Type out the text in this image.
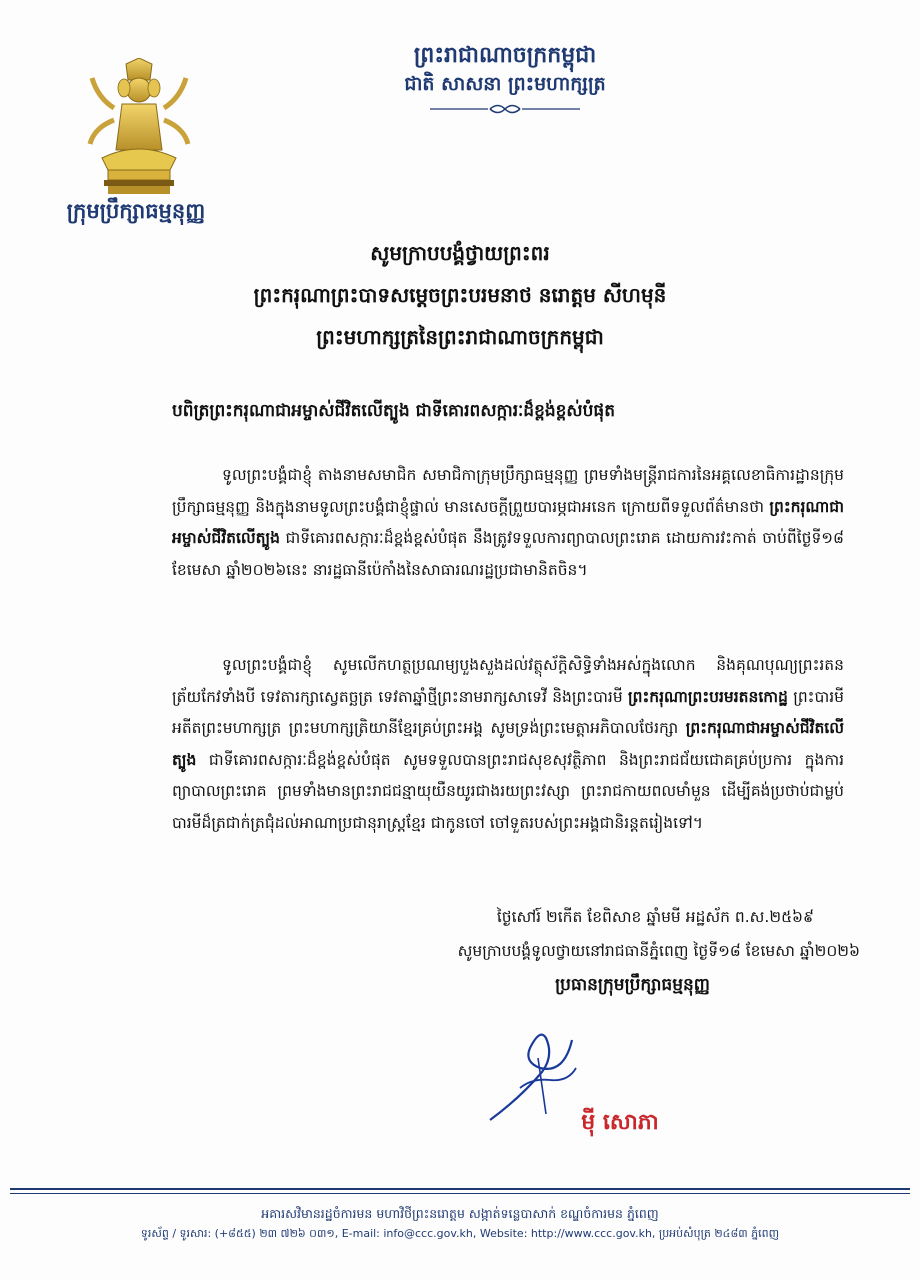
ក្រុមប្រឹក្សាធម្មនុញ្ញ
ព្រះរាជាណាចក្រកម្ពុជា
ជាតិ សាសនា ព្រះមហាក្សត្រ
សូមក្រាបបង្គំថ្វាយព្រះពរ
ព្រះករុណាព្រះបាទសម្តេចព្រះបរមនាថ នរោត្តម សីហមុនី
ព្រះមហាក្សត្រនៃព្រះរាជាណាចក្រកម្ពុជា
បពិត្រព្រះករុណាជាអម្ចាស់ជីវិតលើត្បូង ជាទីគោរពសក្ការៈដ៏ខ្ពង់ខ្ពស់បំផុត
ទូលព្រះបង្គំជាខ្ញុំ តាងនាមសមាជិក សមាជិកាក្រុមប្រឹក្សាធម្មនុញ្ញ ព្រមទាំងមន្ត្រីរាជការនៃអគ្គលេខាធិការដ្ឋានក្រុមប្រឹក្សាធម្មនុញ្ញ និងក្នុងនាមទូលព្រះបង្គំជាខ្ញុំផ្ទាល់ មានសេចក្តីព្រួយបារម្ភជាអនេក ក្រោយពីទទួលព័ត៌មានថា ព្រះករុណាជាអម្ចាស់ជីវិតលើត្បូង ជាទីគោរពសក្ការៈដ៏ខ្ពង់ខ្ពស់បំផុត នឹងត្រូវទទួលការព្យាបាលព្រះរោគ ដោយការវះកាត់ ចាប់ពីថ្ងៃទី១៨ ខែមេសា ឆ្នាំ២០២៦នេះ នារដ្ឋធានីប៉េកាំងនៃសាធារណរដ្ឋប្រជាមានិតចិន។
ទូលព្រះបង្គំជាខ្ញុំ សូមលើកហត្ថប្រណម្យបួងសួងដល់វត្ថុស័ក្តិសិទ្ធិទាំងអស់ក្នុងលោក និងគុណបុណ្យព្រះរតនត្រ័យកែវទាំងបី ទេវតារក្សាស្វេតច្ឆត្រ ទេវតាឆ្នាំថ្មីព្រះនាមរាក្សសាទេវី និងព្រះបារមី ព្រះករុណាព្រះបរមរតនកោដ្ឋ ព្រះបារមីអតីតព្រះមហាក្សត្រ ព្រះមហាក្សត្រិយានីខ្មែរគ្រប់ព្រះអង្គ សូមទ្រង់ព្រះមេត្តាអភិបាលថែរក្សា ព្រះករុណាជាអម្ចាស់ជីវិតលើត្បូង ជាទីគោរពសក្ការៈដ៏ខ្ពង់ខ្ពស់បំផុត សូមទទួលបានព្រះរាជសុខសុវត្ថិភាព និងព្រះរាជជ័យជោគគ្រប់ប្រការ ក្នុងការព្យាបាលព្រះរោគ ព្រមទាំងមានព្រះរាជជន្មាយុយឺនយូរជាងរយព្រះវស្សា ព្រះរាជកាយពលមាំមួន ដើម្បីគង់ប្រថាប់ជាម្លប់បារមីដ៏ត្រជាក់ត្រជុំដល់អាណាប្រជានុរាស្ត្រខ្មែរ ជាកូនចៅ ចៅទួតរបស់ព្រះអង្គជានិរន្តតរៀងទៅ។
ថ្ងៃសៅរ៍ ២កើត ខែពិសាខ ឆ្នាំមមី អដ្ឋស័ក ព.ស.២៥៦៩
សូមក្រាបបង្គំទូលថ្វាយនៅរាជធានីភ្នំពេញ ថ្ងៃទី១៨ ខែមេសា ឆ្នាំ២០២៦
ប្រធានក្រុមប្រឹក្សាធម្មនុញ្ញ
ម៉ី សោភា
អគារសវិមានរដ្ឋចំការមន មហាវិថីព្រះនរោត្តម សង្កាត់ទន្លេបាសាក់ ខណ្ឌចំការមន ភ្នំពេញ
ទូរស័ព្ទ / ទូរសារ: (+៨៥៥) ២៣ ៧២៦ ០៣១, E-mail: info@ccc.gov.kh, Website: http://www.ccc.gov.kh, ប្រអប់សំបុត្រ ២៤៨៣ ភ្នំពេញ
